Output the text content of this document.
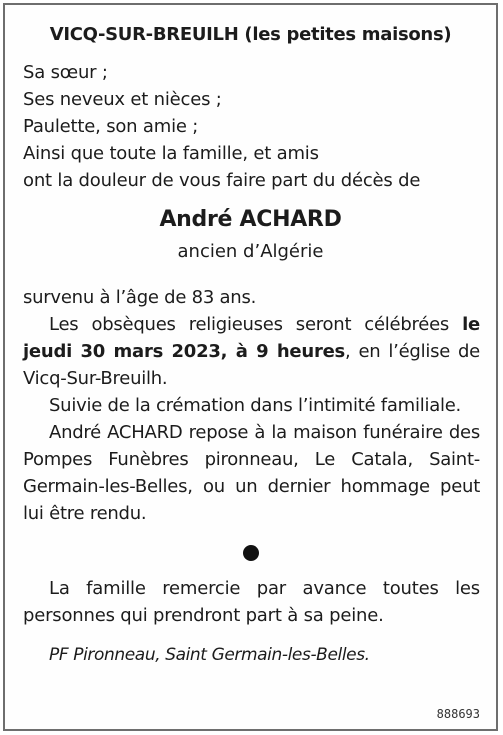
VICQ-SUR-BREUILH (les petites maisons)
Sa sœur ;
Ses neveux et nièces ;
Paulette, son amie ;
Ainsi que toute la famille, et amis
ont la douleur de vous faire part du décès de
André ACHARD
ancien d’Algérie

survenu à l’âge de 83 ans.

Les obsèques religieuses seront célébrées le jeudi 30 mars 2023, à 9 heures, en l’église de Vicq-Sur-Breuilh.

Suivie de la crémation dans l’intimité familiale.

André ACHARD repose à la maison funéraire des Pompes Funèbres pironneau, Le Catala, Saint-Germain-les-Belles, ou un dernier hommage peut lui être rendu.

La famille remercie par avance toutes les personnes qui prendront part à sa peine.
PF Pironneau, Saint Germain-les-Belles.
888693
